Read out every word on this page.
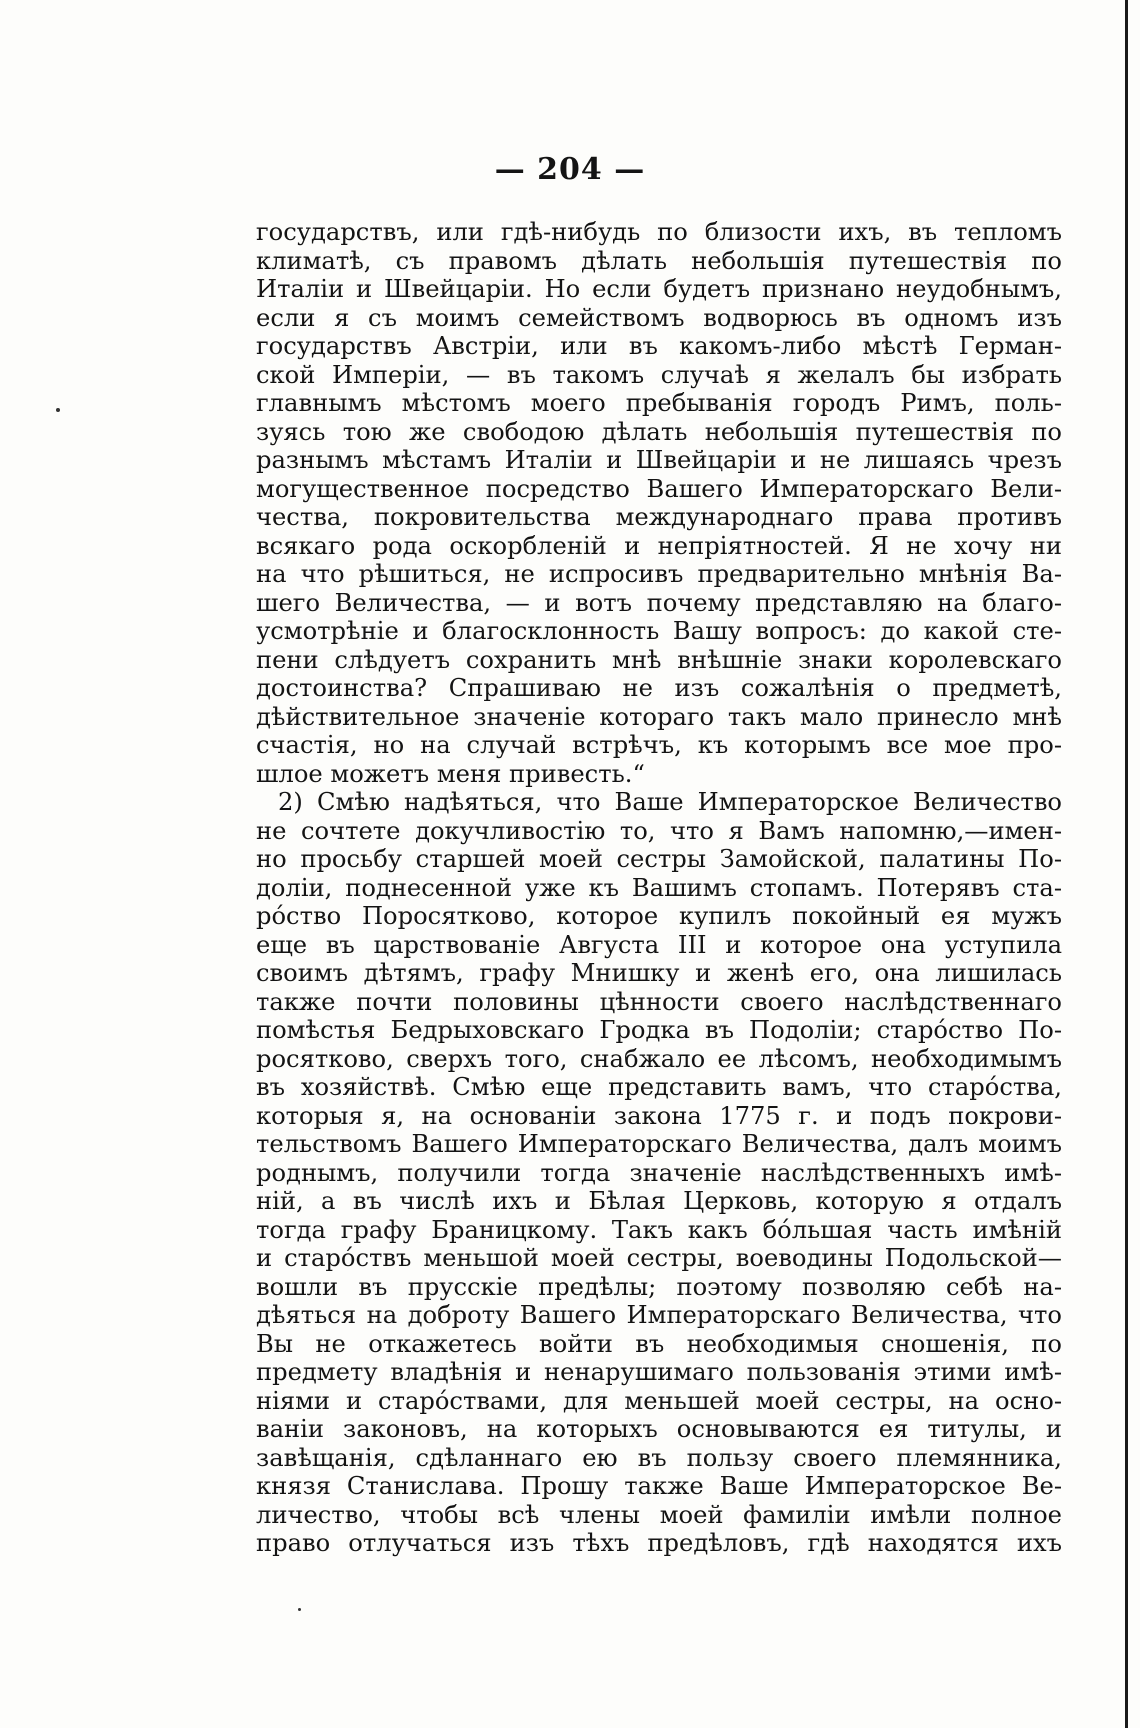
— 204 —
государствъ, или гдѣ-нибудь по близости ихъ, въ тепломъ
климатѣ, съ правомъ дѣлать небольшія путешествія по
Италіи и Швейцаріи. Но если будетъ признано неудобнымъ,
если я съ моимъ семействомъ водворюсь въ одномъ изъ
государствъ Австріи, или въ какомъ-либо мѣстѣ Герман-
ской Имперіи, — въ такомъ случаѣ я желалъ бы избрать
главнымъ мѣстомъ моего пребыванія городъ Римъ, поль-
зуясь тою же свободою дѣлать небольшія путешествія по
разнымъ мѣстамъ Италіи и Швейцаріи и не лишаясь чрезъ
могущественное посредство Вашего Императорскаго Вели-
чества, покровительства международнаго права противъ
всякаго рода оскорбленій и непріятностей. Я не хочу ни
на что рѣшиться, не испросивъ предварительно мнѣнія Ва-
шего Величества, — и вотъ почему представляю на благо-
усмотрѣніе и благосклонность Вашу вопросъ: до какой сте-
пени слѣдуетъ сохранить мнѣ внѣшніе знаки королевскаго
достоинства? Спрашиваю не изъ сожалѣнія о предметѣ,
дѣйствительное значеніе котораго такъ мало принесло мнѣ
счастія, но на случай встрѣчъ, къ которымъ все мое про-
шлое можетъ меня привесть.“
2) Смѣю надѣяться, что Ваше Императорское Величество
не сочтете докучливостію то, что я Вамъ напомню,—имен-
но просьбу старшей моей сестры Замойской, палатины По-
доліи, поднесенной уже къ Вашимъ стопамъ. Потерявъ ста-
ро́ство Поросятково, которое купилъ покойный ея мужъ
еще въ царствованіе Августа III и которое она уступила
своимъ дѣтямъ, графу Мнишку и женѣ его, она лишилась
также почти половины цѣнности своего наслѣдственнаго
помѣстья Бедрыховскаго Гродка въ Подоліи; старо́ство По-
росятково, сверхъ того, снабжало ее лѣсомъ, необходимымъ
въ хозяйствѣ. Смѣю еще представить вамъ, что старо́ства,
которыя я, на основаніи закона 1775 г. и подъ покрови-
тельствомъ Вашего Императорскаго Величества, далъ моимъ
роднымъ, получили тогда значеніе наслѣдственныхъ имѣ-
ній, а въ числѣ ихъ и Бѣлая Церковь, которую я отдалъ
тогда графу Браницкому. Такъ какъ бо́льшая часть имѣній
и старо́ствъ меньшой моей сестры, воеводины Подольской—
вошли въ прусскіе предѣлы; поэтому позволяю себѣ на-
дѣяться на доброту Вашего Императорскаго Величества, что
Вы не откажетесь войти въ необходимыя сношенія, по
предмету владѣнія и ненарушимаго пользованія этими имѣ-
ніями и старо́ствами, для меньшей моей сестры, на осно-
ваніи законовъ, на которыхъ основываются ея титулы, и
завѣщанія, сдѣланнаго ею въ пользу своего племянника,
князя Станислава. Прошу также Ваше Императорское Ве-
личество, чтобы всѣ члены моей фамиліи имѣли полное
право отлучаться изъ тѣхъ предѣловъ, гдѣ находятся ихъ
